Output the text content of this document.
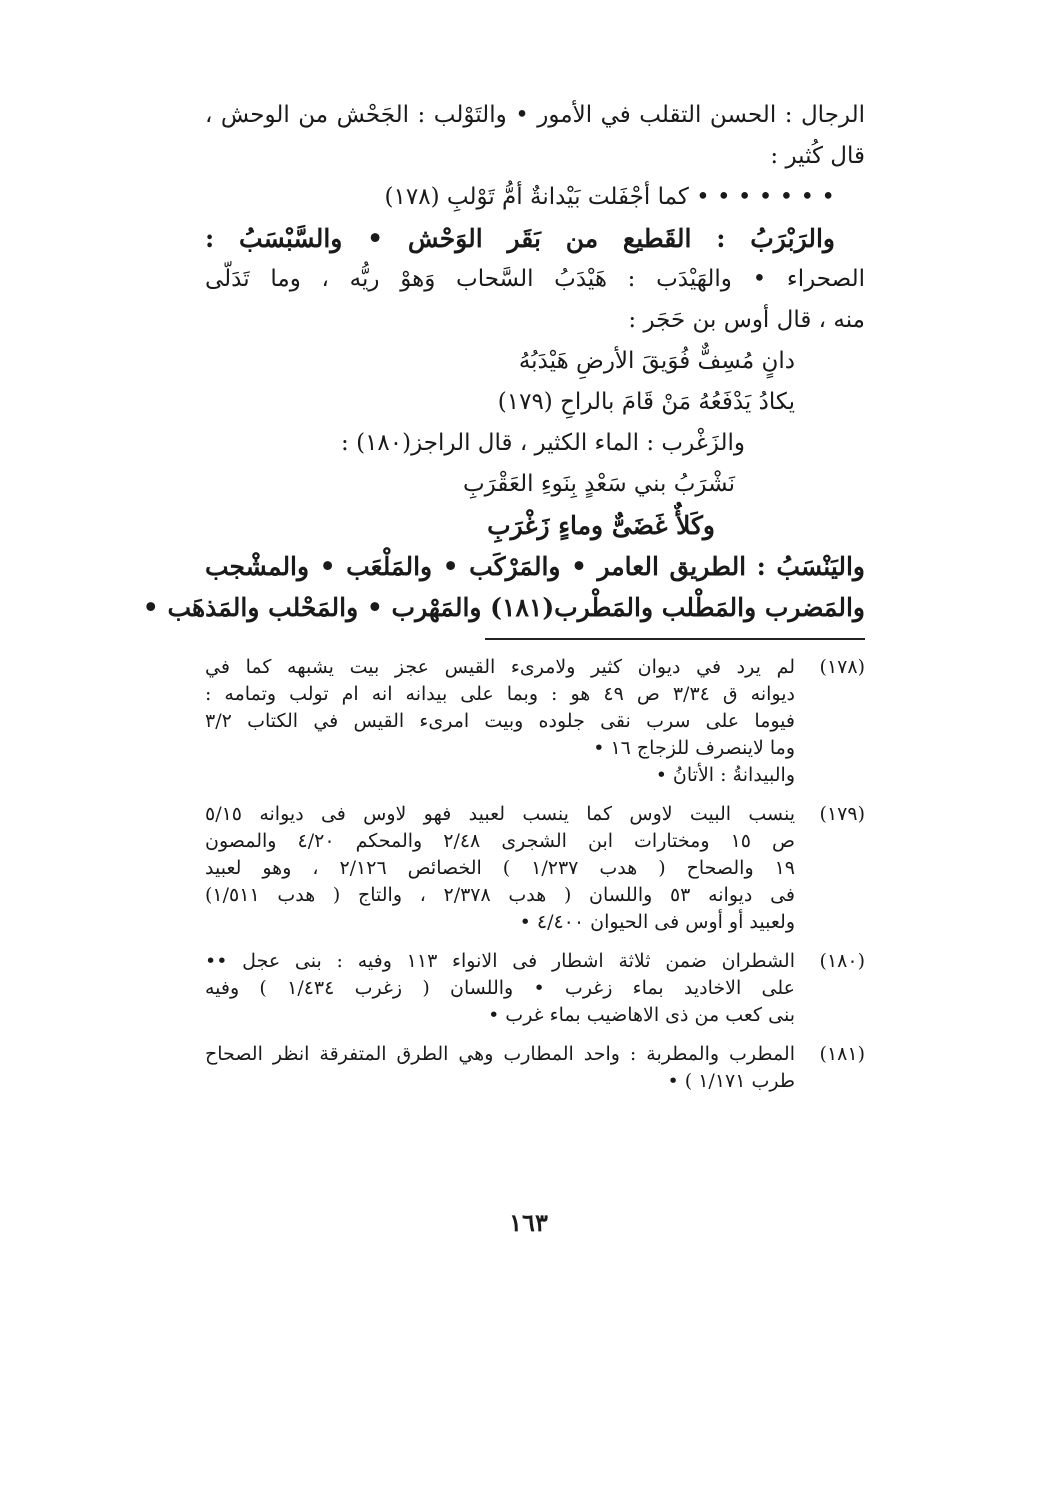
الرجال : الحسن التقلب في الأمور • والتَوْلب : الجَحْش من الوحش ،
قال كُثير :
• • • • • • • كما أجْفَلت بَيْدانةٌ أمُّ تَوْلبِ (١٧٨)
والرَبْرَبُ : القَطيع من بَقَر الوَحْش • والسَّبْسَبُ :
الصحراء • والهَيْدَب : هَيْدَبُ السَّحاب وَهوْ ريُّه ، وما تَدَلّى
منه ، قال أوس بن حَجَر :
دانٍ مُسِفٌّ فُوَيقَ الأرضِ هَيْدَبُهُ
يكادُ يَدْفَعُهُ مَنْ قَامَ بالراحِ (١٧٩)
والزَغْرب : الماء الكثير ، قال الراجز(١٨٠) :
نَشْرَبُ بني سَعْدٍ بِنَوءِ العَقْرَبِ
وكَلأٌ غَضَىٌّ وماءٍ زَغْرَبِ
واليَنْسَبُ : الطريق العامر • والمَرْكَب • والمَلْعَب • والمشْجب
والمَضرب والمَطْلب والمَطْرب(١٨١) والمَهْرب • والمَحْلب والمَذهَب •
(١٧٨)
لم يرد في ديوان كثير ولامرىء القيس عجز بيت يشبهه كما في
ديوانه ق ٣/٣٤ ص ٤٩ هو : وبما على بيدانه انه ام تولب وتمامه :
فيوما على سرب نقى جلوده وبيت امرىء القيس في الكتاب ٣/٢
وما لاينصرف للزجاج ١٦ •
والبيدانةُ : الأتانُ •
(١٧٩)
ينسب البيت لاوس كما ينسب لعبيد فهو لاوس فى ديوانه ٥/١٥
ص ١٥ ومختارات ابن الشجرى ٢/٤٨ والمحكم ٤/٢٠ والمصون
١٩ والصحاح ( هدب ١/٢٣٧ ) الخصائص ٢/١٢٦ ، وهو لعبيد
فى ديوانه ٥٣ واللسان ( هدب ٢/٣٧٨ ، والتاج ( هدب ١/٥١١)
ولعبيد أو أوس فى الحيوان ٤/٤٠٠ •
(١٨٠)
الشطران ضمن ثلاثة اشطار فى الانواء ١١٣ وفيه : بنى عجل ••
على الاخاديد بماء زغرب • واللسان ( زغرب ١/٤٣٤ ) وفيه
بنى كعب من ذى الاهاضيب بماء غرب •
(١٨١)
المطرب والمطربة : واحد المطارب وهي الطرق المتفرقة انظر الصحاح
طرب ١/١٧١ ) •
١٦٣
